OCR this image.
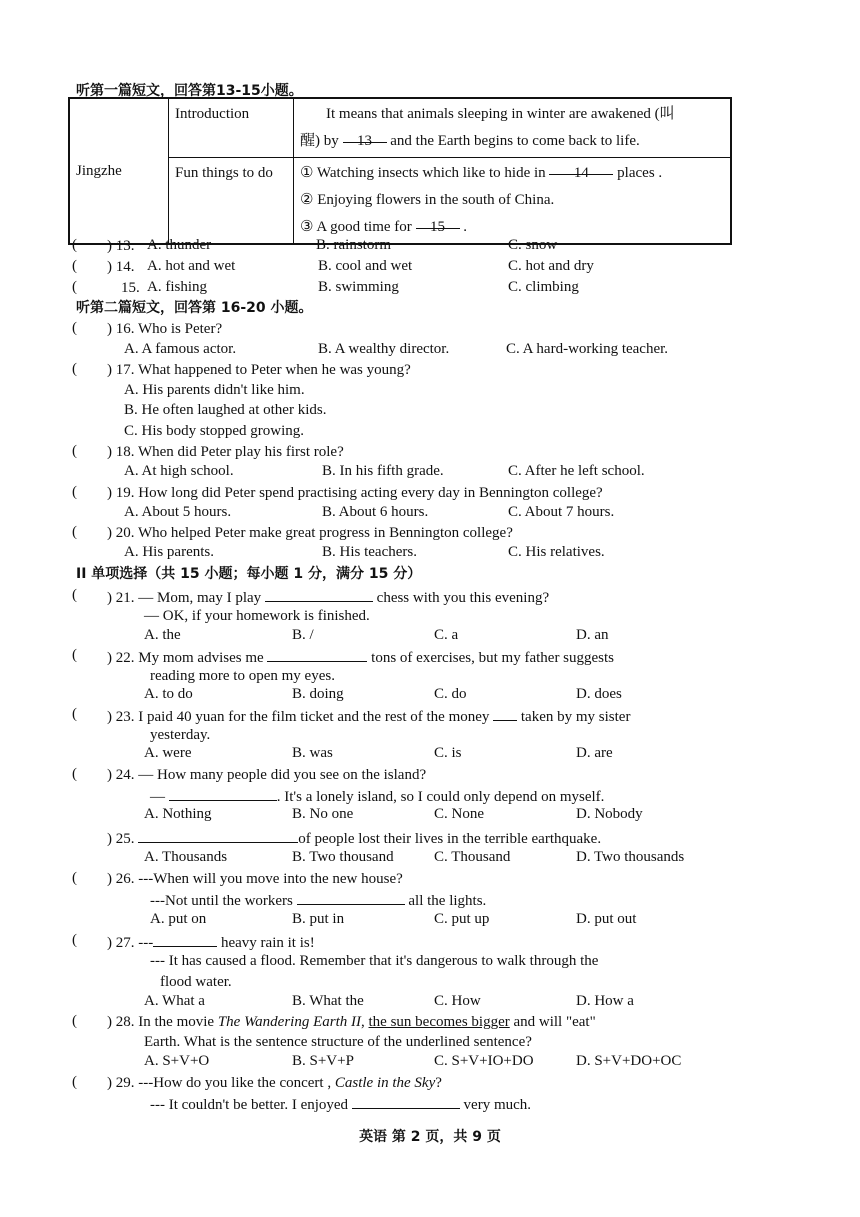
听第一篇短文，回答第13-15小题。
Jingzhe	Introduction	It means that animals sleeping in winter are awakened (叫
醒) by 13 and the Earth begins to come back to life.

	Fun things to do	① Watching insects which like to hide in 14 places .
② Enjoying flowers in the south of China.
③ A good time for 15 .
( ) 13. A. thunder	B. rainstorm	C. snow
( ) 14. A. hot and wet	B. cool and wet	C. hot and dry
(	15. A. fishing	B. swimming	C. climbing
听第二篇短文，回答第 16-20 小题。
( ) 16. Who is Peter?
A. A famous actor.	B. A wealthy director.	C. A hard-working teacher.
( ) 17. What happened to Peter when he was young?
A. His parents didn't like him.
B. He often laughed at other kids.
C. His body stopped growing.
( ) 18. When did Peter play his first role?
A. At high school.	B. In his fifth grade.	C. After he left school.
( ) 19. How long did Peter spend practising acting every day in Bennington college?
A. About 5 hours.	B. About 6 hours.	C. About 7 hours.
( ) 20. Who helped Peter make great progress in Bennington college?
A. His parents.	B. His teachers.	C. His relatives.
II 单项选择（共 15 小题；每小题 1 分，满分 15 分）
( ) 21. — Mom, may I play	chess with you this evening?
— OK, if your homework is finished.
A. the	B. /	C. a	D. an
( ) 22. My mom advises me	tons of exercises, but my father suggests
reading more to open my eyes.
A. to do	B. doing	C. do	D. does
( ) 23. I paid 40 yuan for the film ticket and the rest of the money taken by my sister
yesterday.
A. were	B. was	C. is	D. are
( ) 24. — How many people did you see on the island?
—	. It's a lonely island, so I could only depend on myself.
A. Nothing	B. No one	C. None	D. Nobody
) 25.	of people lost their lives in the terrible earthquake.
A. Thousands	B. Two thousand	C. Thousand	D. Two thousands
( ) 26. ---When will you move into the new house?
---Not until the workers	all the lights.
A. put on	B. put in	C. put up	D. put out
( ) 27. ---	heavy rain it is!
--- It has caused a flood. Remember that it's dangerous to walk through the
flood water.
A. What a	B. What the	C. How	D. How a
( ) 28. In the movie The Wandering Earth II, the sun becomes bigger and will "eat"
Earth. What is the sentence structure of the underlined sentence?
A. S+V+O	B. S+V+P	C. S+V+IO+DO	D. S+V+DO+OC
( ) 29. ---How do you like the concert , Castle in the Sky?
--- It couldn't be better. I enjoyed	very much.
英语 第 2 页，共 9 页
